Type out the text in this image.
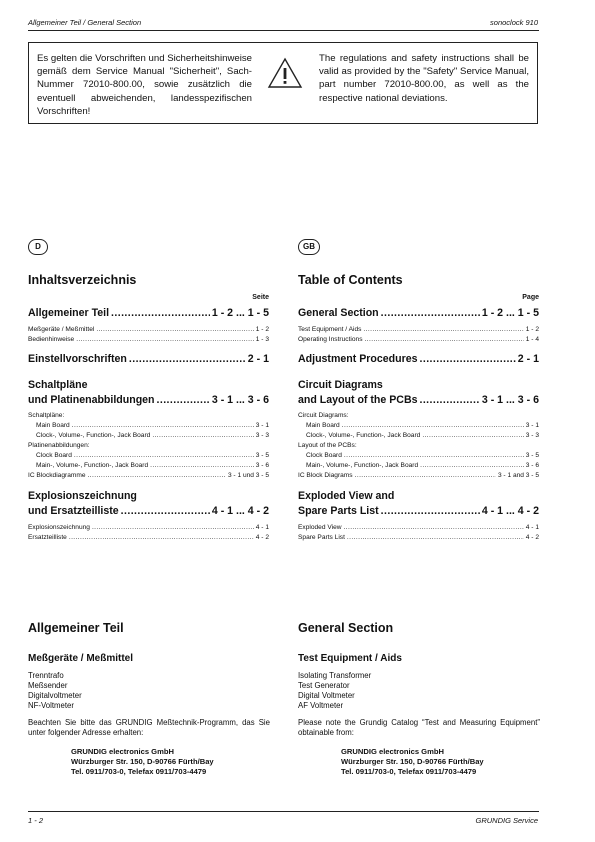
Allgemeiner Teil / General Section	sonoclock 910
Es gelten die Vorschriften und Sicherheitshinweise gemäß dem Service Manual "Sicherheit", Sach-Nummer 72010-800.00, sowie zusätzlich die eventuell abweichenden, landesspezifischen Vorschriften!
The regulations and safety instructions shall be valid as provided by the "Safety" Service Manual, part number 72010-800.00, as well as the respective national deviations.
D	GB
Inhaltsverzeichnis
Seite
Allgemeiner Teil .....	1 - 2 ... 1 - 5
Meßgeräte / Meßmittel .....	1 - 2
Bedienhinweise .....	1 - 3
Einstellvorschriften .....	2 - 1
Schaltpläne
und Platinenabbildungen .....	3 - 1 ... 3 - 6
Schaltpläne:
Main Board .....	3 - 1
Clock-, Volume-, Function-, Jack Board .....	3 - 3
Platinenabbildungen:
Clock Board .....	3 - 5
Main-, Volume-, Function-, Jack Board .....	3 - 6
IC Blockdiagramme .....	3 - 1 und 3 - 5
Explosionszeichnung
und Ersatzteilliste .....	4 - 1 ... 4 - 2
Explosionszeichnung .....	4 - 1
Ersatzteilliste .....	4 - 2
Table of Contents
Page
General Section .....	1 - 2 ... 1 - 5
Test Equipment / Aids .....	1 - 2
Operating Instructions .....	1 - 4
Adjustment Procedures .....	2 - 1
Circuit Diagrams
and Layout of the PCBs .....	3 - 1 ... 3 - 6
Circuit Diagrams:
Main Board .....	3 - 1
Clock-, Volume-, Function-, Jack Board .....	3 - 3
Layout of the PCBs:
Clock Board .....	3 - 5
Main-, Volume-, Function-, Jack Board .....	3 - 6
IC Block Diagrams .....	3 - 1 and 3 - 5
Exploded View and
Spare Parts List .....	4 - 1 ... 4 - 2
Exploded View .....	4 - 1
Spare Parts List .....	4 - 2
Allgemeiner Teil
Meßgeräte / Meßmittel
Trenntrafo
Meßsender
Digitalvoltmeter
NF-Voltmeter
Beachten Sie bitte das GRUNDIG Meßtechnik-Programm, das Sie unter folgender Adresse erhalten:
GRUNDIG electronics GmbH
Würzburger Str. 150, D-90766 Fürth/Bay
Tel. 0911/703-0, Telefax 0911/703-4479
General Section
Test Equipment / Aids
Isolating Transformer
Test Generator
Digital Voltmeter
AF Voltmeter
Please note the Grundig Catalog “Test and Measuring Equipment” obtainable from:
GRUNDIG electronics GmbH
Würzburger Str. 150, D-90766 Fürth/Bay
Tel. 0911/703-0, Telefax 0911/703-4479
1 - 2	GRUNDIG Service
